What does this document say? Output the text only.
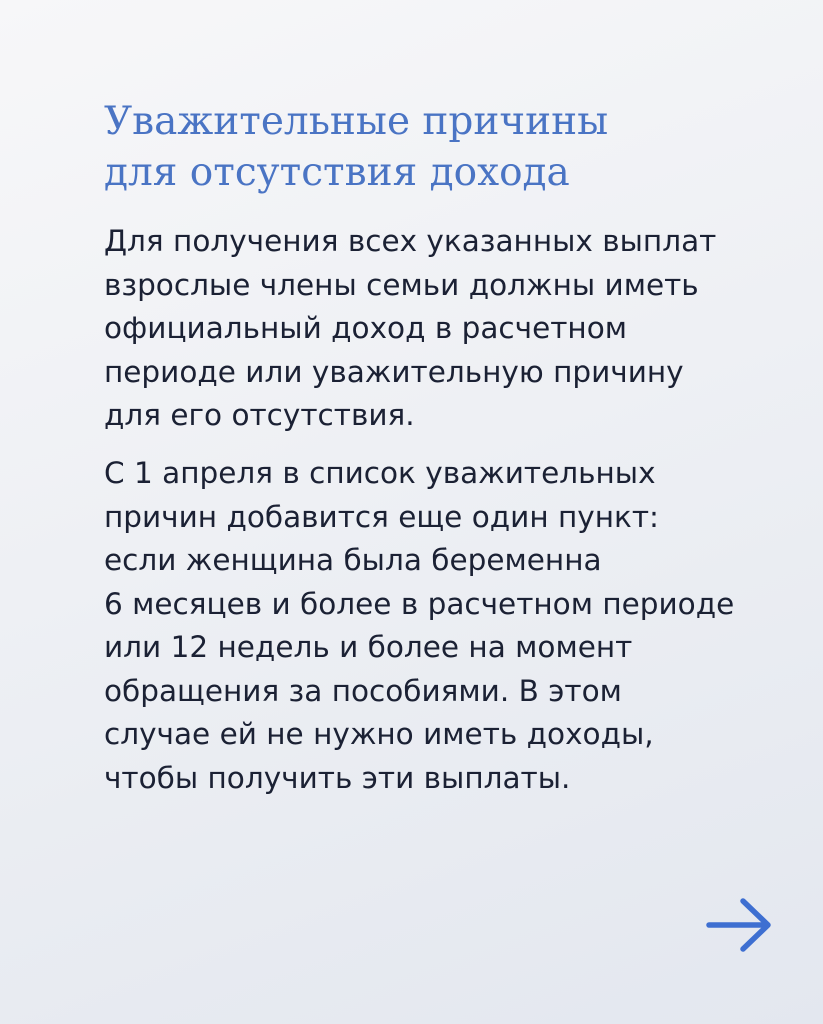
Уважительные причины
для отсутствия дохода

Для получения всех указанных выплат
взрослые члены семьи должны иметь
официальный доход в расчетном
периоде или уважительную причину
для его отсутствия.

С 1 апреля в список уважительных
причин добавится еще один пункт:
если женщина была беременна
6 месяцев и более в расчетном периоде
или 12 недель и более на момент
обращения за пособиями. В этом
случае ей не нужно иметь доходы,
чтобы получить эти выплаты.
